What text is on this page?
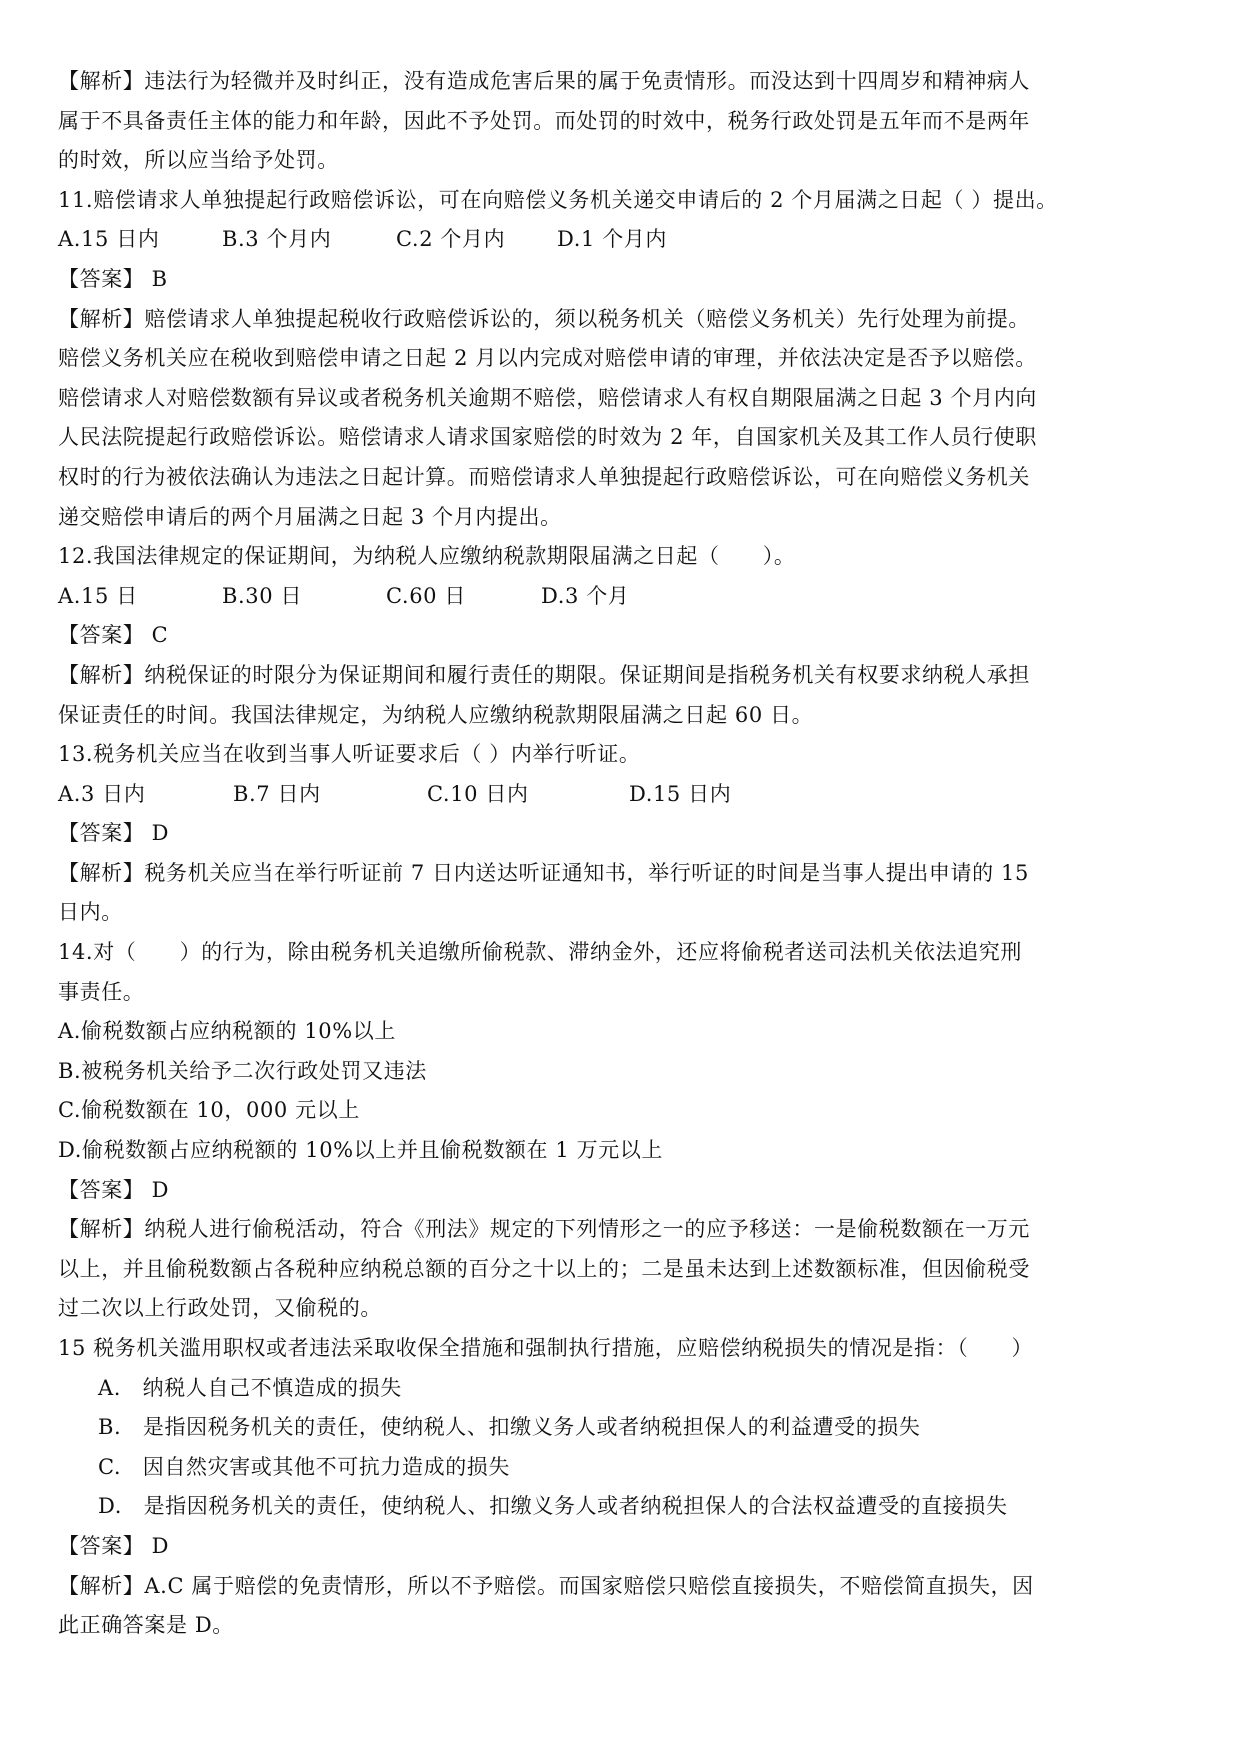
【解析】违法行为轻微并及时纠正，没有造成危害后果的属于免责情形。而没达到十四周岁和精神病人
属于不具备责任主体的能力和年龄，因此不予处罚。而处罚的时效中，税务行政处罚是五年而不是两年
的时效，所以应当给予处罚。
11.赔偿请求人单独提起行政赔偿诉讼，可在向赔偿义务机关递交申请后的 2 个月届满之日起（ ）提出。
A.15 日内	B.3 个月内	C.2 个月内 D.1 个月内
【答案】 B
【解析】赔偿请求人单独提起税收行政赔偿诉讼的，须以税务机关（赔偿义务机关）先行处理为前提。
赔偿义务机关应在税收到赔偿申请之日起 2 月以内完成对赔偿申请的审理，并依法决定是否予以赔偿。
赔偿请求人对赔偿数额有异议或者税务机关逾期不赔偿，赔偿请求人有权自期限届满之日起 3 个月内向
人民法院提起行政赔偿诉讼。赔偿请求人请求国家赔偿的时效为 2 年，自国家机关及其工作人员行使职
权时的行为被依法确认为违法之日起计算。而赔偿请求人单独提起行政赔偿诉讼，可在向赔偿义务机关
递交赔偿申请后的两个月届满之日起 3 个月内提出。
12.我国法律规定的保证期间，为纳税人应缴纳税款期限届满之日起（　　）。
A.15 日	B.30 日	C.60 日	D.3 个月
【答案】 C
【解析】纳税保证的时限分为保证期间和履行责任的期限。保证期间是指税务机关有权要求纳税人承担
保证责任的时间。我国法律规定，为纳税人应缴纳税款期限届满之日起 60 日。
13.税务机关应当在收到当事人听证要求后（ ）内举行听证。
A.3 日内	B.7 日内	C.10 日内	D.15 日内
【答案】 D
【解析】税务机关应当在举行听证前 7 日内送达听证通知书，举行听证的时间是当事人提出申请的 15
日内。
14.对（　　）的行为，除由税务机关追缴所偷税款、滞纳金外，还应将偷税者送司法机关依法追究刑
事责任。
A.偷税数额占应纳税额的 10%以上
B.被税务机关给予二次行政处罚又违法
C.偷税数额在 10，000 元以上
D.偷税数额占应纳税额的 10%以上并且偷税数额在 1 万元以上
【答案】 D
【解析】纳税人进行偷税活动，符合《刑法》规定的下列情形之一的应予移送：一是偷税数额在一万元
以上，并且偷税数额占各税种应纳税总额的百分之十以上的；二是虽未达到上述数额标准，但因偷税受
过二次以上行政处罚，又偷税的。
15 税务机关滥用职权或者违法采取收保全措施和强制执行措施，应赔偿纳税损失的情况是指：（　　）
A.　纳税人自己不慎造成的损失
B.　是指因税务机关的责任，使纳税人、扣缴义务人或者纳税担保人的利益遭受的损失
C.　因自然灾害或其他不可抗力造成的损失
D.　是指因税务机关的责任，使纳税人、扣缴义务人或者纳税担保人的合法权益遭受的直接损失
【答案】 D
【解析】A.C 属于赔偿的免责情形，所以不予赔偿。而国家赔偿只赔偿直接损失，不赔偿简直损失，因
此正确答案是 D。
